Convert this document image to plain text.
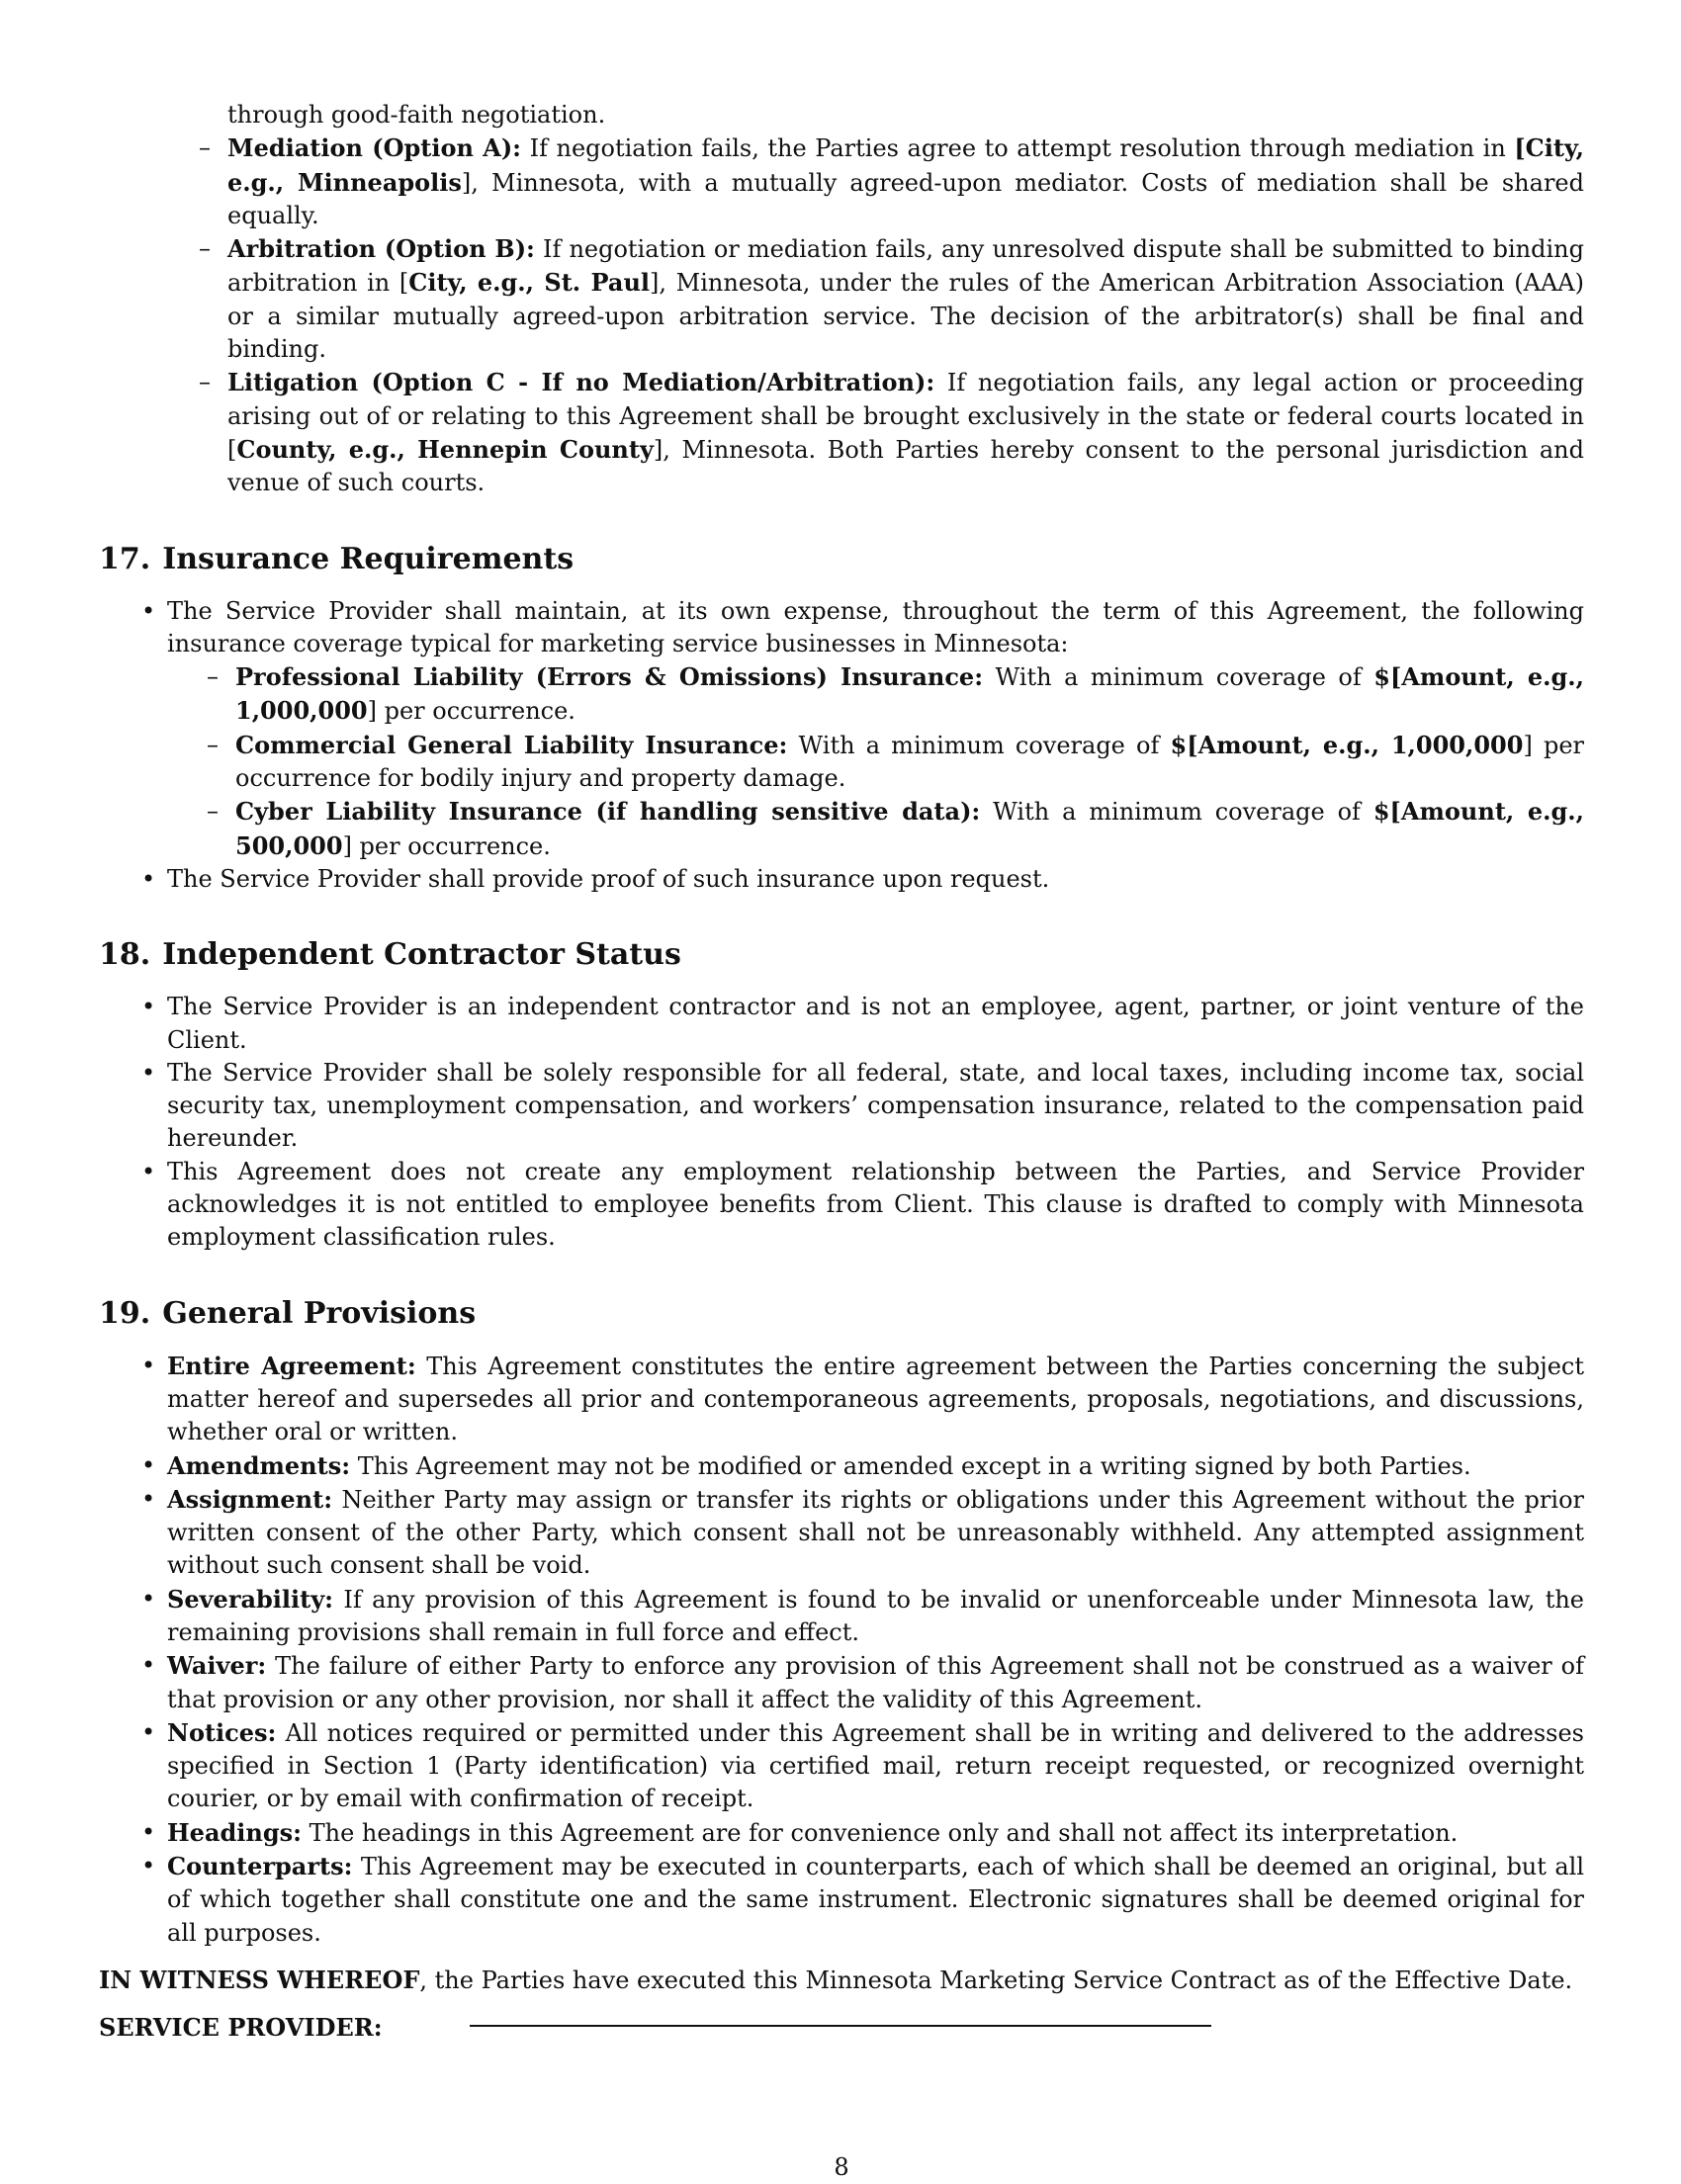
through good-faith negotiation.
– Mediation (Option A): If negotiation fails, the Parties agree to attempt resolution through mediation in [City, e.g., Minneapolis], Minnesota, with a mutually agreed-upon mediator. Costs of mediation shall be shared equally.
– Arbitration (Option B): If negotiation or mediation fails, any unresolved dispute shall be submitted to binding arbitration in [City, e.g., St. Paul], Minnesota, under the rules of the American Arbitration Association (AAA) or a similar mutually agreed-upon arbitration service. The decision of the arbitrator(s) shall be final and binding.
– Litigation (Option C - If no Mediation/Arbitration): If negotiation fails, any legal action or proceeding arising out of or relating to this Agreement shall be brought exclusively in the state or federal courts located in [County, e.g., Hennepin County], Minnesota. Both Parties hereby consent to the personal jurisdiction and venue of such courts.
17. Insurance Requirements
• The Service Provider shall maintain, at its own expense, throughout the term of this Agreement, the following insurance coverage typical for marketing service businesses in Minnesota:
– Professional Liability (Errors & Omissions) Insurance: With a minimum coverage of $[Amount, e.g., 1,000,000] per occurrence.
– Commercial General Liability Insurance: With a minimum coverage of $[Amount, e.g., 1,000,000] per occurrence for bodily injury and property damage.
– Cyber Liability Insurance (if handling sensitive data): With a minimum coverage of $[Amount, e.g., 500,000] per occurrence.
• The Service Provider shall provide proof of such insurance upon request.
18. Independent Contractor Status
• The Service Provider is an independent contractor and is not an employee, agent, partner, or joint venture of the Client.
• The Service Provider shall be solely responsible for all federal, state, and local taxes, including income tax, social security tax, unemployment compensation, and workers’ compensation insurance, related to the compensation paid hereunder.
• This Agreement does not create any employment relationship between the Parties, and Service Provider acknowledges it is not entitled to employee benefits from Client. This clause is drafted to comply with Minnesota employment classification rules.
19. General Provisions
• Entire Agreement: This Agreement constitutes the entire agreement between the Parties concerning the subject matter hereof and supersedes all prior and contemporaneous agreements, proposals, negotiations, and discussions, whether oral or written.
• Amendments: This Agreement may not be modified or amended except in a writing signed by both Parties.
• Assignment: Neither Party may assign or transfer its rights or obligations under this Agreement without the prior written consent of the other Party, which consent shall not be unreasonably withheld. Any attempted assignment without such consent shall be void.
• Severability: If any provision of this Agreement is found to be invalid or unenforceable under Minnesota law, the remaining provisions shall remain in full force and effect.
• Waiver: The failure of either Party to enforce any provision of this Agreement shall not be construed as a waiver of that provision or any other provision, nor shall it affect the validity of this Agreement.
• Notices: All notices required or permitted under this Agreement shall be in writing and delivered to the addresses specified in Section 1 (Party identification) via certified mail, return receipt requested, or recognized overnight courier, or by email with confirmation of receipt.
• Headings: The headings in this Agreement are for convenience only and shall not affect its interpretation.
• Counterparts: This Agreement may be executed in counterparts, each of which shall be deemed an original, but all of which together shall constitute one and the same instrument. Electronic signatures shall be deemed original for all purposes.
IN WITNESS WHEREOF, the Parties have executed this Minnesota Marketing Service Contract as of the Effective Date.
SERVICE PROVIDER:
8
